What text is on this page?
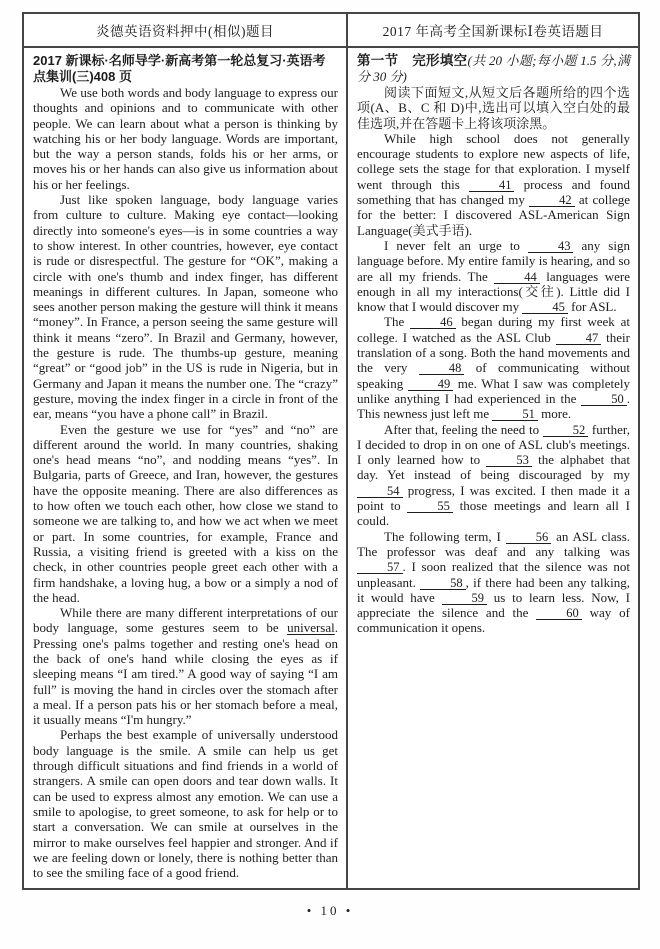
炎德英语资料押中(相似)题目	2017 年高考全国新课标Ⅰ卷英语题目

2017 新课标·名师导学·新高考第一轮总复习·英语考点集训(三)408 页

We use both words and body language to express our thoughts and opinions and to communicate with other people. We can learn about what a person is thinking by watching his or her body language. Words are important, but the way a person stands, folds his or her arms, or moves his or her hands can also give us information about his or her feelings.

Just like spoken language, body language varies from culture to culture. Making eye contact—looking directly into someone's eyes—is in some countries a way to show interest. In other countries, however, eye contact is rude or disrespectful. The gesture for “OK”, making a circle with one's thumb and index finger, has different meanings in different cultures. In Japan, someone who sees another person making the gesture will think it means “money”. In France, a person seeing the same gesture will think it means “zero”. In Brazil and Germany, however, the gesture is rude. The thumbs-up gesture, meaning “great” or “good job” in the US is rude in Nigeria, but in Germany and Japan it means the number one. The “crazy” gesture, moving the index finger in a circle in front of the ear, means “you have a phone call” in Brazil.

Even the gesture we use for “yes” and “no” are different around the world. In many countries, shaking one's head means “no”, and nodding means “yes”. In Bulgaria, parts of Greece, and Iran, however, the gestures have the opposite meaning. There are also differences as to how often we touch each other, how close we stand to someone we are talking to, and how we act when we meet or part. In some countries, for example, France and Russia, a visiting friend is greeted with a kiss on the check, in other countries people greet each other with a firm handshake, a loving hug, a bow or a simply a nod of the head.

While there are many different interpretations of our body language, some gestures seem to be universal. Pressing one's palms together and resting one's head on the back of one's hand while closing the eyes as if sleeping means “I am tired.” A good way of saying “I am full” is moving the hand in circles over the stomach after a meal. If a person pats his or her stomach before a meal, it usually means “I'm hungry.”

Perhaps the best example of universally understood body language is the smile. A smile can help us get through difficult situations and find friends in a world of strangers. A smile can open doors and tear down walls. It can be used to express almost any emotion. We can use a smile to apologise, to greet someone, to ask for help or to start a conversation. We can smile at ourselves in the mirror to make ourselves feel happier and stronger. And if we are feeling down or lonely, there is nothing better than to see the smiling face of a good friend.

第一节　完形填空(共 20 小题;每小题 1.5 分,满分 30 分)

阅读下面短文,从短文后各题所给的四个选项(A、B、C 和 D)中,选出可以填入空白处的最佳选项,并在答题卡上将该项涂黑。

While high school does not generally encourage students to explore new aspects of life, college sets the stage for that exploration. I myself went through this 41 process and found something that has changed my 42 at college for the better: I discovered ASL-American Sign Language(美式手语).

I never felt an urge to 43 any sign language before. My entire family is hearing, and so are all my friends. The 44 languages were enough in all my interactions(交往). Little did I know that I would discover my 45 for ASL.

The 46 began during my first week at college. I watched as the ASL Club 47 their translation of a song. Both the hand movements and the very 48 of communicating without speaking 49 me. What I saw was completely unlike anything I had experienced in the 50 . This newness just left me 51 more.

After that, feeling the need to 52 further, I decided to drop in on one of ASL club's meetings. I only learned how to 53 the alphabet that day. Yet instead of being discouraged by my 54 progress, I was excited. I then made it a point to 55 those meetings and learn all I could.

The following term, I 56 an ASL class. The professor was deaf and any talking was 57 . I soon realized that the silence was not unpleasant. 58 , if there had been any talking, it would have 59 us to learn less. Now, I appreciate the silence and the 60 way of communication it opens.

• 10 •
